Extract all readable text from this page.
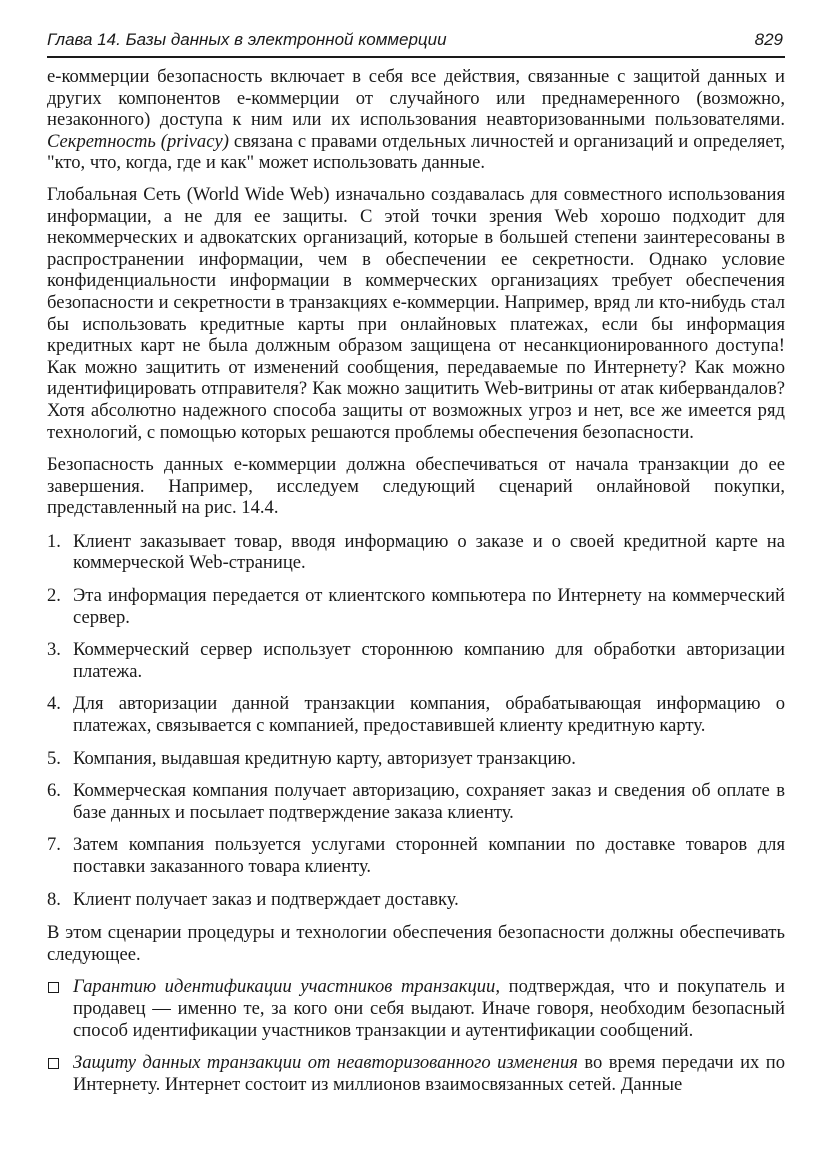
Глава 14. Базы данных в электронной коммерции	829

е-коммерции безопасность включает в себя все действия, связанные с защитой данных и других компонентов е-коммерции от случайного или преднамеренного (возможно, незаконного) доступа к ним или их использования неавторизованными пользователями. Секретность (privacy) связана с правами отдельных личностей и организаций и определяет, "кто, что, когда, где и как" может использовать данные.

Глобальная Сеть (World Wide Web) изначально создавалась для совместного использования информации, а не для ее защиты. С этой точки зрения Web хорошо подходит для некоммерческих и адвокатских организаций, которые в большей степени заинтересованы в распространении информации, чем в обеспечении ее секретности. Однако условие конфиденциальности информации в коммерческих организациях требует обеспечения безопасности и секретности в транзакциях е-коммерции. Например, вряд ли кто-нибудь стал бы использовать кредитные карты при онлайновых платежах, если бы информация кредитных карт не была должным образом защищена от несанкционированного доступа! Как можно защитить от изменений сообщения, передаваемые по Интернету? Как можно идентифицировать отправителя? Как можно защитить Web-витрины от атак кибервандалов? Хотя абсолютно надежного способа защиты от возможных угроз и нет, все же имеется ряд технологий, с помощью которых решаются проблемы обеспечения безопасности.

Безопасность данных е-коммерции должна обеспечиваться от начала транзакции до ее завершения. Например, исследуем следующий сценарий онлайновой покупки, представленный на рис. 14.4.

1. Клиент заказывает товар, вводя информацию о заказе и о своей кредитной карте на коммерческой Web-странице.
2. Эта информация передается от клиентского компьютера по Интернету на коммерческий сервер.
3. Коммерческий сервер использует стороннюю компанию для обработки авторизации платежа.
4. Для авторизации данной транзакции компания, обрабатывающая информацию о платежах, связывается с компанией, предоставившей клиенту кредитную карту.
5. Компания, выдавшая кредитную карту, авторизует транзакцию.
6. Коммерческая компания получает авторизацию, сохраняет заказ и сведения об оплате в базе данных и посылает подтверждение заказа клиенту.
7. Затем компания пользуется услугами сторонней компании по доставке товаров для поставки заказанного товара клиенту.
8. Клиент получает заказ и подтверждает доставку.

В этом сценарии процедуры и технологии обеспечения безопасности должны обеспечивать следующее.

Гарантию идентификации участников транзакции, подтверждая, что и покупатель и продавец — именно те, за кого они себя выдают. Иначе говоря, необходим безопасный способ идентификации участников транзакции и аутентификации сообщений.
Защиту данных транзакции от неавторизованного изменения во время передачи их по Интернету. Интернет состоит из миллионов взаимосвязанных сетей. Данные
